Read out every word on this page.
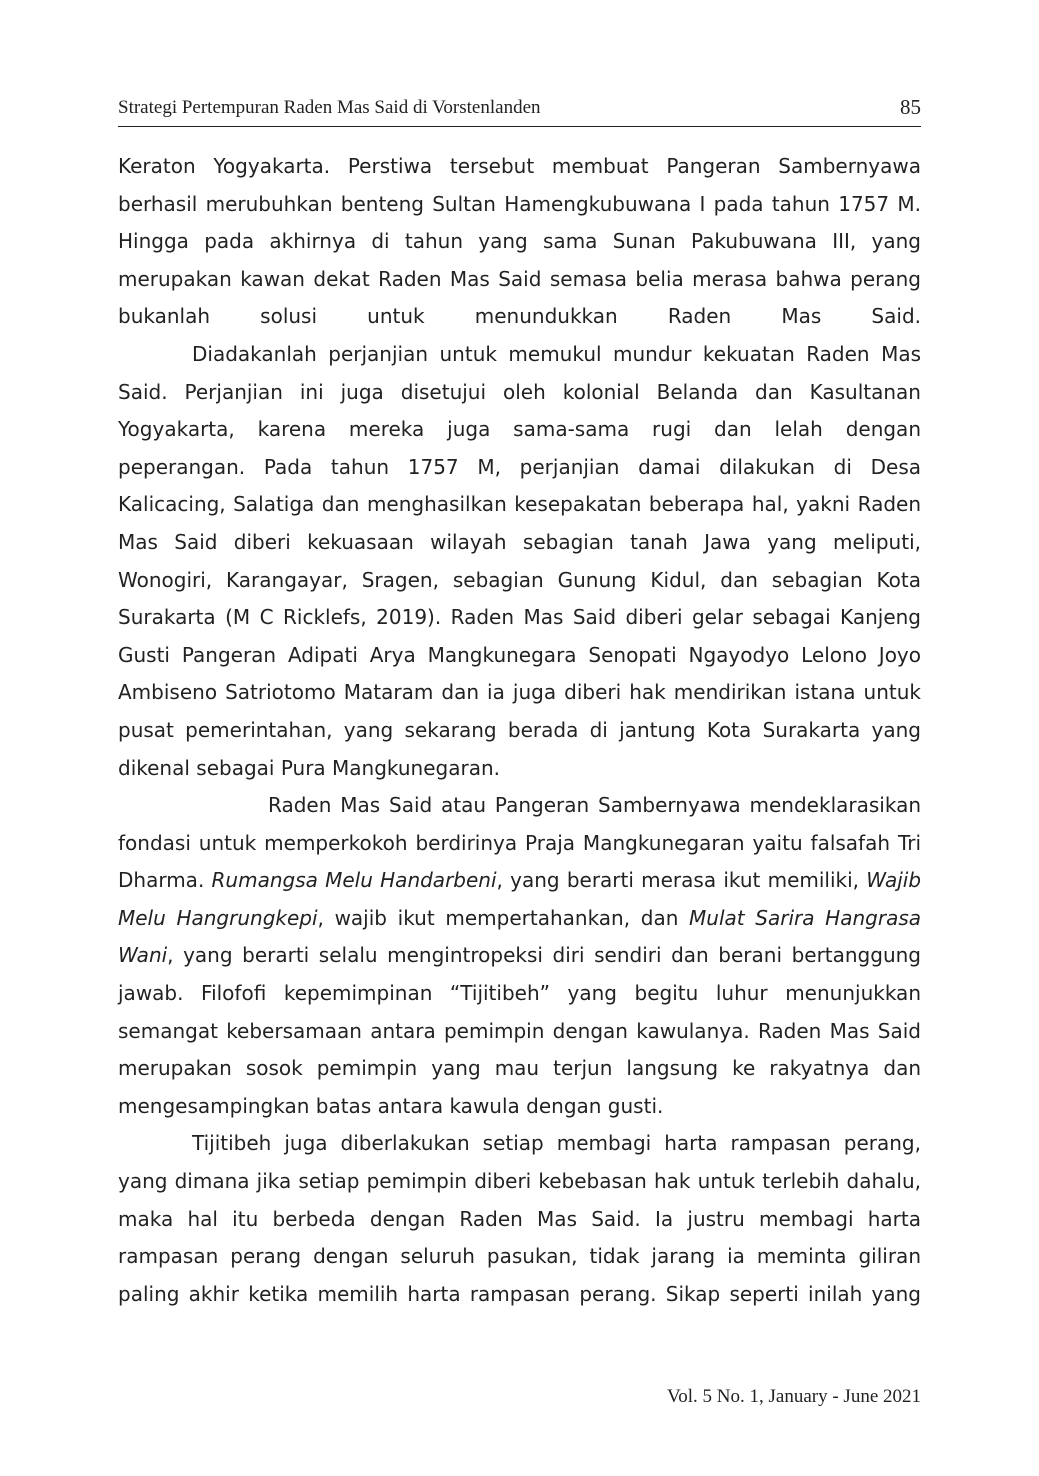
Strategi Pertempuran Raden Mas Said di Vorstenlanden	85

Keraton Yogyakarta. Perstiwa tersebut membuat Pangeran Sambernyawa berhasil merubuhkan benteng Sultan Hamengkubuwana I pada tahun 1757 M. Hingga pada akhirnya di tahun yang sama Sunan Pakubuwana III, yang merupakan kawan dekat Raden Mas Said semasa belia merasa bahwa perang bukanlah solusi untuk menundukkan Raden Mas Said.

Diadakanlah perjanjian untuk memukul mundur kekuatan Raden Mas Said. Perjanjian ini juga disetujui oleh kolonial Belanda dan Kasultanan Yogyakarta, karena mereka juga sama-sama rugi dan lelah dengan peperangan. Pada tahun 1757 M, perjanjian damai dilakukan di Desa Kalicacing, Salatiga dan menghasilkan kesepakatan beberapa hal, yakni Raden Mas Said diberi kekuasaan wilayah sebagian tanah Jawa yang meliputi, Wonogiri, Karangayar, Sragen, sebagian Gunung Kidul, dan sebagian Kota Surakarta (M C Ricklefs, 2019). Raden Mas Said diberi gelar sebagai Kanjeng Gusti Pangeran Adipati Arya Mangkunegara Senopati Ngayodyo Lelono Joyo Ambiseno Satriotomo Mataram dan ia juga diberi hak mendirikan istana untuk pusat pemerintahan, yang sekarang berada di jantung Kota Surakarta yang dikenal sebagai Pura Mangkunegaran.

Raden Mas Said atau Pangeran Sambernyawa mendeklarasikan fondasi untuk memperkokoh berdirinya Praja Mangkunegaran yaitu falsafah Tri Dharma. Rumangsa Melu Handarbeni, yang berarti merasa ikut memiliki, Wajib Melu Hangrungkepi, wajib ikut mempertahankan, dan Mulat Sarira Hangrasa Wani, yang berarti selalu mengintropeksi diri sendiri dan berani bertanggung jawab. Filofofi kepemimpinan “Tijitibeh” yang begitu luhur menunjukkan semangat kebersamaan antara pemimpin dengan kawulanya. Raden Mas Said merupakan sosok pemimpin yang mau terjun langsung ke rakyatnya dan mengesampingkan batas antara kawula dengan gusti.

Tijitibeh juga diberlakukan setiap membagi harta rampasan perang, yang dimana jika setiap pemimpin diberi kebebasan hak untuk terlebih dahalu, maka hal itu berbeda dengan Raden Mas Said. Ia justru membagi harta rampasan perang dengan seluruh pasukan, tidak jarang ia meminta giliran paling akhir ketika memilih harta rampasan perang. Sikap seperti inilah yang

Vol. 5 No. 1, January - June 2021
